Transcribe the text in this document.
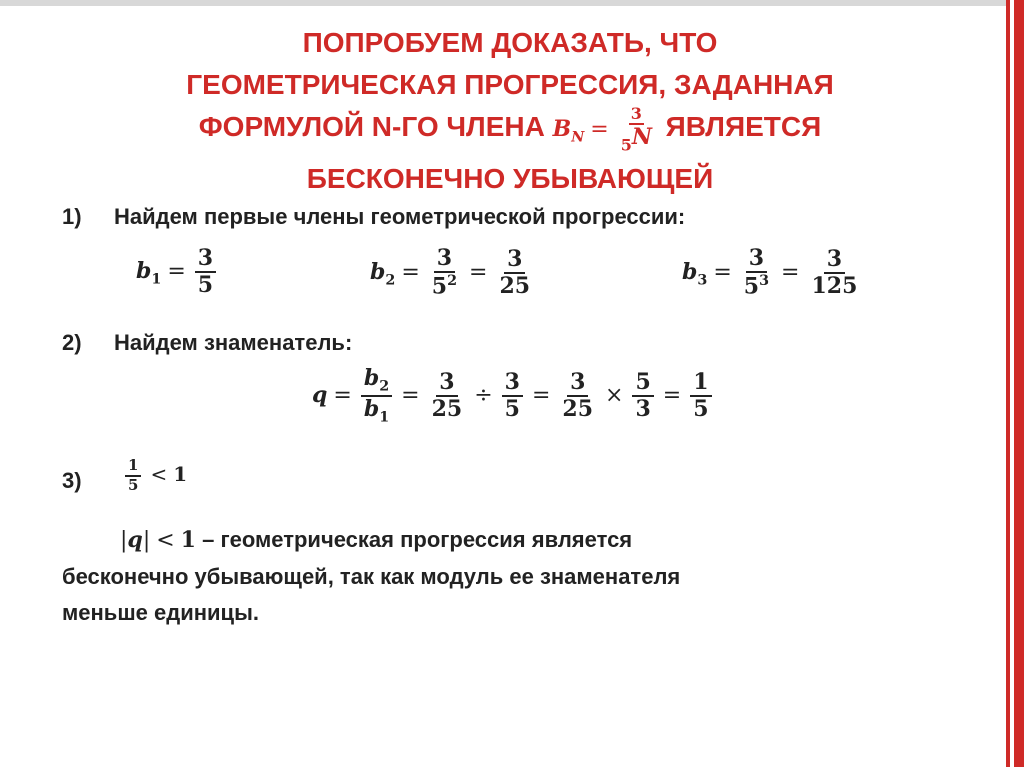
ПОПРОБУЕМ ДОКАЗАТЬ, ЧТО
ГЕОМЕТРИЧЕСКАЯ ПРОГРЕССИЯ, ЗАДАННАЯ
ФОРМУЛОЙ N-ГО ЧЛЕНА $B_N = \frac{3}{5^N}$ ЯВЛЯЕТСЯ
БЕСКОНЕЧНО УБЫВАЮЩЕЙ
1) Найдем первые члены геометрической прогрессии:
$b_1 = \frac{3}{5}$	$b_2 = \frac{3}{5^2} = \frac{3}{25}$	$b_3 = \frac{3}{5^3} = \frac{3}{125}$
2) Найдем знаменатель:
$q = \frac{b_2}{b_1} = \frac{3}{25} \div \frac{3}{5} = \frac{3}{25} \times \frac{5}{3} = \frac{1}{5}$
3)	$\frac{1}{5} < 1$
|q| < 1 – геометрическая прогрессия является
бесконечно убывающей, так как модуль ее знаменателя
меньше единицы.
